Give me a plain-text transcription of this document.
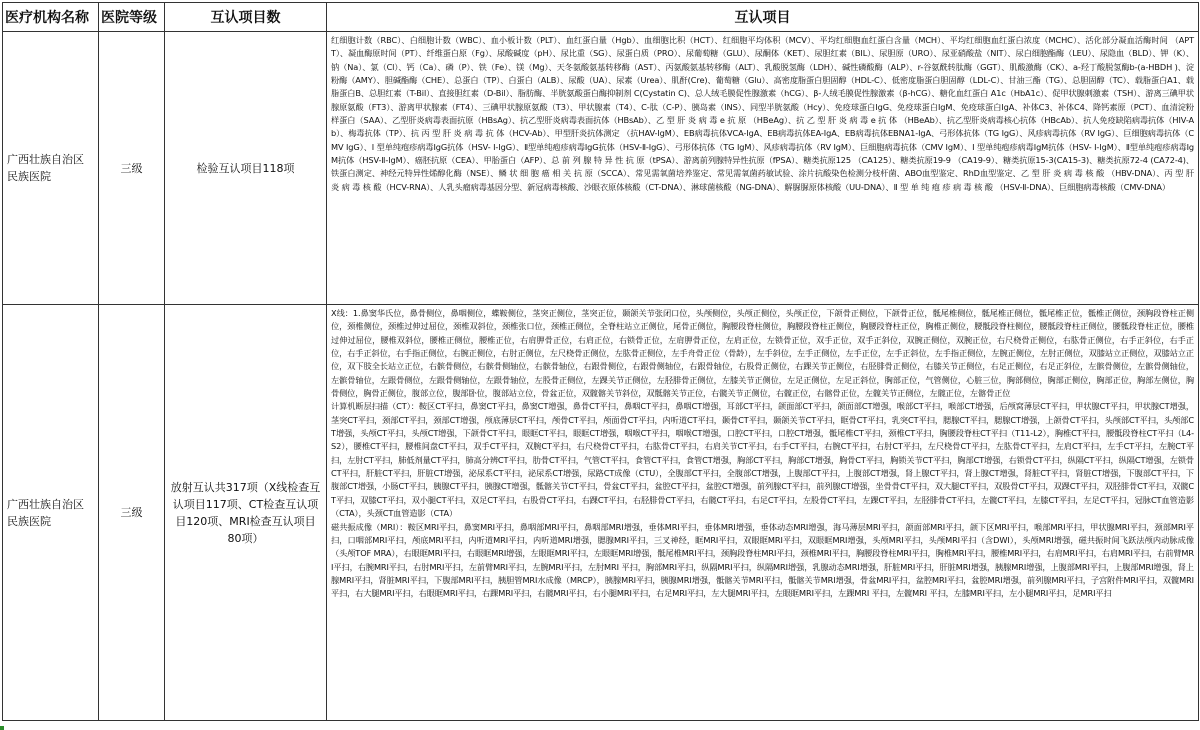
医疗机构名称	医院等级	互认项目数	互认项目
广西壮族自治区民族医院	三级	检验互认项目118项	红细胞计数（RBC）、白细胞计数（WBC）、血小板计数（PLT）、血红蛋白量（Hgb）、血细胞比积（HCT）、红细胞平均体积（MCV）、平均红细胞血红蛋白含量（MCH）、平均红细胞血红蛋白浓度（MCHC）、活化部分凝血活酶时间 （APTT）、凝血酶原时间（PT）、纤维蛋白原（Fg）、尿酸碱度（pH）、尿比重（SG）、尿蛋白质（PRO）、尿葡萄糖（GLU）、尿酮体（KET）、尿胆红素（BIL）、尿胆原（URO）、尿亚硝酸盐（NIT）、尿白细胞酯酶（LEU）、尿隐血（BLD）、钾（K）、钠（Na）、氯（Cl）、钙（Ca）、磷（P）、铁（Fe）、镁（Mg）、天冬氨酸氨基转移酶（AST）、丙氨酸氨基转移酶（ALT）、乳酸脱氢酶（LDH）、碱性磷酸酶（ALP）、r-谷氨酰转肽酶（GGT）、肌酸激酶（CK）、a-羟丁酸脱氢酶b-(a-HBDH )、淀粉酶（AMY）、胆碱酯酶（CHE）、总蛋白（TP）、白蛋白（ALB）、尿酸（UA）、尿素（Urea）、肌酐(Cre)、葡萄糖（Glu）、高密度脂蛋白胆固醇（HDL-C）、低密度脂蛋白胆固醇（LDL-C）、甘油三酯（TG）、总胆固醇（TC）、载脂蛋白A1、载脂蛋白B、总胆红素（T-Bil）、直接胆红素（D-Bil）、脂肪酶、半胱氨酸蛋白酶抑制剂 C(Cystatin C)、总人绒毛膜促性腺激素（hCG）、β-人绒毛膜促性腺激素（β-hCG）、糖化血红蛋白 A1c（HbA1c）、促甲状腺刺激素（TSH）、游离三碘甲状腺原氨酸（FT3）、游离甲状腺素（FT4）、三碘甲状腺原氨酸（T3）、甲状腺素（T4）、C-肽（C-P）、胰岛素（INS）、同型半胱氨酸（Hcy）、免疫球蛋白IgG、免疫球蛋白IgM、免疫球蛋白IgA、补体C3、补体C4、降钙素原（PCT）、血清淀粉样蛋白（SAA）、乙型肝炎病毒表面抗原（HBsAg）、抗乙型肝炎病毒表面抗体（HBsAb）、乙 型 肝 炎 病 毒 e 抗 原 （HBeAg）、抗 乙 型 肝 炎 病 毒 e 抗 体 （HBeAb）、抗乙型肝炎病毒核心抗体（HBcAb）、抗人免疫缺陷病毒抗体（HIV-Ab）、梅毒抗体（TP）、抗 丙 型 肝 炎 病 毒 抗 体（HCV-Ab）、甲型肝炎抗体测定 （抗HAV-IgM）、EB病毒抗体VCA-IgA、EB病毒抗体EA-IgA、EB病毒抗体EBNA1-IgA、弓形体抗体（TG IgG）、风疹病毒抗体（RV IgG）、巨细胞病毒抗体（CMV IgG）、Ⅰ 型单纯疱疹病毒IgG抗体（HSV- Ⅰ-IgG）、Ⅱ型单纯疱疹病毒IgG抗体（HSV-Ⅱ-IgG）、弓形体抗体（TG IgM）、风疹病毒抗体（RV IgM）、巨细胞病毒抗体（CMV IgM）、Ⅰ 型单纯疱疹病毒IgM抗体（HSV- Ⅰ-IgM）、Ⅱ型单纯疱疹病毒IgM抗体（HSV-Ⅱ-IgM）、癌胚抗原（CEA）、甲胎蛋白（AFP）、总 前 列 腺 特 异 性 抗 原（tPSA）、游离前列腺特异性抗原（fPSA）、糖类抗原125 （CA125）、糖类抗原19-9 （CA19-9）、糖类抗原15-3(CA15-3)、糖类抗原72-4 (CA72-4)、铁蛋白测定、神经元特异性烯醇化酶（NSE）、鳞 状 细 胞 癌 相 关 抗 原（SCCA）、常见需氧菌培养鉴定、常见需氧菌药敏试验、涂片抗酸染色检测分枝杆菌、ABO血型鉴定、RhD血型鉴定、乙 型 肝 炎 病 毒 核 酸 （HBV-DNA）、丙 型 肝 炎 病 毒 核 酸（HCV-RNA）、人乳头瘤病毒基因分型、新冠病毒核酸、沙眼衣原体核酸（CT-DNA）、淋球菌核酸（NG-DNA）、解脲脲原体核酸（UU-DNA）、Ⅱ 型 单 纯 疱 疹 病 毒 核 酸 （HSV-Ⅱ-DNA）、巨细胞病毒核酸（CMV-DNA）

广西壮族自治区民族医院	三级	放射互认共317项（X线检查互认项目117项、CT检查互认项目120项、MRI检查互认项目80项）	X线：1.鼻窦华氏位，鼻骨侧位，鼻咽侧位，蝶鞍侧位，茎突正侧位，茎突正位，颞颌关节张闭口位，头颅侧位，头颅正侧位，头颅正位，下颌骨正侧位，下颌骨正位，骶尾椎侧位，骶尾椎正侧位，骶尾椎正位，骶椎正侧位，颈胸段脊柱正侧位，颈椎侧位，颈椎过伸过屈位，颈椎双斜位，颈椎张口位，颈椎正侧位，全脊柱站立正侧位，尾骨正侧位，胸腰段脊柱侧位，胸腰段脊柱正侧位，胸腰段脊柱正位，胸椎正侧位，腰骶段脊柱侧位，腰骶段脊柱正侧位，腰骶段脊柱正位，腰椎过伸过屈位，腰椎双斜位，腰椎正侧位，腰椎正位，右肩胛骨正位，右肩正位，右锁骨正位，左肩胛骨正位，左肩正位，左锁骨正位，双手正位，双手正斜位，双腕正侧位，双腕正位，右尺桡骨正侧位，右肱骨正侧位，右手正斜位，右手正位，右手正斜位，右手指正侧位，右腕正侧位，右肘正侧位，左尺桡骨正侧位，左肱骨正侧位，左手舟骨正位（骨龄），左手斜位，左手正侧位，左手正位，左手正斜位，左手指正侧位，左腕正侧位，左肘正侧位，双膝站立正侧位，双膝站立正位，双下肢全长站立正位，右髌骨侧位，右髌骨侧轴位，右髌骨轴位，右跟骨侧位，右跟骨侧轴位，右跟骨轴位，右股骨正侧位，右踝关节正侧位，右胫腓骨正侧位，右膝关节正侧位，右足正侧位，右足正斜位，左髌骨侧位，左髌骨侧轴位，左髌骨轴位，左跟骨侧位，左跟骨侧轴位，左跟骨轴位，左股骨正侧位，左踝关节正侧位，左胫腓骨正侧位，左膝关节正侧位，左足正侧位，左足正斜位，胸部正位，气管侧位，心脏三位，胸部侧位，胸部正侧位，胸部正位，胸部左侧位，胸骨侧位，胸骨正侧位，腹部立位，腹部卧位，腹部站立位，骨盆正位，双髋髂关节斜位，双骶髂关节正位，右髋关节正侧位，右髋正位，右髂骨正位，左髋关节正侧位，左髋正位，左髂骨正位
计算机断层扫描（CT）：鞍区CT平扫，鼻窦CT平扫，鼻窦CT增强，鼻骨CT平扫，鼻咽CT平扫，鼻咽CT增强，耳部CT平扫，颌面部CT平扫，颌面部CT增强，喉部CT平扫，喉部CT增强，后颅窝薄层CT平扫，甲状腺CT平扫，甲状腺CT增强，茎突CT平扫，颈部CT平扫，颈部CT增强，颅底薄层CT平扫，颅骨CT平扫，颅面骨CT平扫，内听道CT平扫，颞骨CT平扫，颞颌关节CT平扫，眶骨CT平扫，乳突CT平扫，腮腺CT平扫，腮腺CT增强，上颌骨CT平扫，头颅部CT平扫，头颅部CT增强，头颅CT平扫，头颅CT增强，下颌骨CT平扫，眼眶CT平扫，眼眶CT增强，咽喉CT平扫，咽喉CT增强，口腔CT平扫，口腔CT增强，骶尾椎CT平扫，颈椎CT平扫，胸腰段脊柱CT平扫（T11-L2），胸椎CT平扫，腰骶段脊柱CT平扫（L4-S2），腰椎CT平扫，腰椎间盘CT平扫，双手CT平扫，双腕CT平扫，右尺桡骨CT平扫，右肱骨CT平扫，右肩关节CT平扫，右手CT平扫，右腕CT平扫，右肘CT平扫，左尺桡骨CT平扫，左肱骨CT平扫，左肩CT平扫，左手CT平扫，左腕CT平扫，左肘CT平扫，肺低剂量CT平扫，肺高分辨CT平扫，肋骨CT平扫，气管CT平扫，食管CT平扫，食管CT增强，胸部CT平扫，胸部CT增强，胸骨CT平扫，胸锁关节CT平扫，胸部CT增强，右锁骨CT平扫，纵隔CT平扫，纵隔CT增强，左锁骨CT平扫，肝脏CT平扫，肝脏CT增强，泌尿系CT平扫，泌尿系CT增强，尿路CT成像（CTU），全腹部CT平扫，全腹部CT增强，上腹部CT平扫，上腹部CT增强，肾上腺CT平扫，肾上腺CT增强，肾脏CT平扫，肾脏CT增强，下腹部CT平扫，下腹部CT增强，小肠CT平扫，胰腺CT平扫，胰腺CT增强，骶髂关节CT平扫，骨盆CT平扫，盆腔CT平扫，盆腔CT增强，前列腺CT平扫，前列腺CT增强，坐骨骨CT平扫，双大腿CT平扫，双股骨CT平扫，双踝CT平扫，双胫腓骨CT平扫，双髋CT平扫，双膝CT平扫，双小腿CT平扫，双足CT平扫，右股骨CT平扫，右踝CT平扫，右胫腓骨CT平扫，右髋CT平扫，右足CT平扫，左股骨CT平扫，左踝CT平扫，左胫腓骨CT平扫，左髋CT平扫，左膝CT平扫，左足CT平扫，冠脉CT血管造影（CTA），头颈CT血管造影（CTA）
磁共振成像（MRI）：鞍区MRI平扫，鼻窦MRI平扫，鼻咽部MRI平扫，鼻咽部MRI增强，垂体MRI平扫，垂体MRI增强，垂体动态MRI增强，海马薄层MRI平扫，颌面部MRI平扫，颌下区MRI平扫，喉部MRI平扫，甲状腺MRI平扫，颈部MRI平扫，口咽部MRI平扫，颅底MRI平扫，内听道MRI平扫，内听道MRI增强，腮腺MRI平扫，三叉神经，眶MRI平扫，双眼眶MRI平扫，双眼眶MRI增强，头颅MRI平扫，头颅MRI平扫（含DWI），头颅MRI增强，磁共振时间飞跃法颅内动脉成像（头颅TOF MRA），右眼眶MRI平扫，右眼眶MRI增强，左眼眶MRI平扫，左眼眶MRI增强，骶尾椎MRI平扫，颈胸段脊柱MRI平扫，颈椎MRI平扫，胸腰段脊柱MRI平扫，胸椎MRI平扫，腰椎MRI平扫，右肩MRI平扫，右肩MRI平扫，右前臂MRI平扫，右腕MRI平扫，右肘MRI平扫，左前臂MRI平扫，左腕MRI平扫，左肘MRI 平扫，胸部MRI平扫，纵隔MRI平扫，纵隔MRI增强，乳腺动态MRI增强，肝脏MRI平扫，肝脏MRI增强，胰腺MRI增强，上腹部MRI平扫，上腹部MRI增强，肾上腺MRI平扫，肾脏MRI平扫，下腹部MRI平扫，胰胆管MRI水成像（MRCP），胰腺MRI平扫，胰腺MRI增强，骶髂关节MRI平扫，骶髂关节MRI增强，骨盆MRI平扫，盆腔MRI平扫，盆腔MRI增强，前列腺MRI平扫，子宫附件MRI平扫，双髋MRI平扫，右大腿MRI平扫，右眼眶MRI平扫，右踝MRI平扫，右髋MRI平扫，右小腿MRI平扫，右足MRI平扫，左大腿MRI平扫，左眼眶MRI平扫，左踝MRI 平扫，左髋MRI 平扫，左膝MRI平扫，左小腿MRI平扫，足MRI平扫
